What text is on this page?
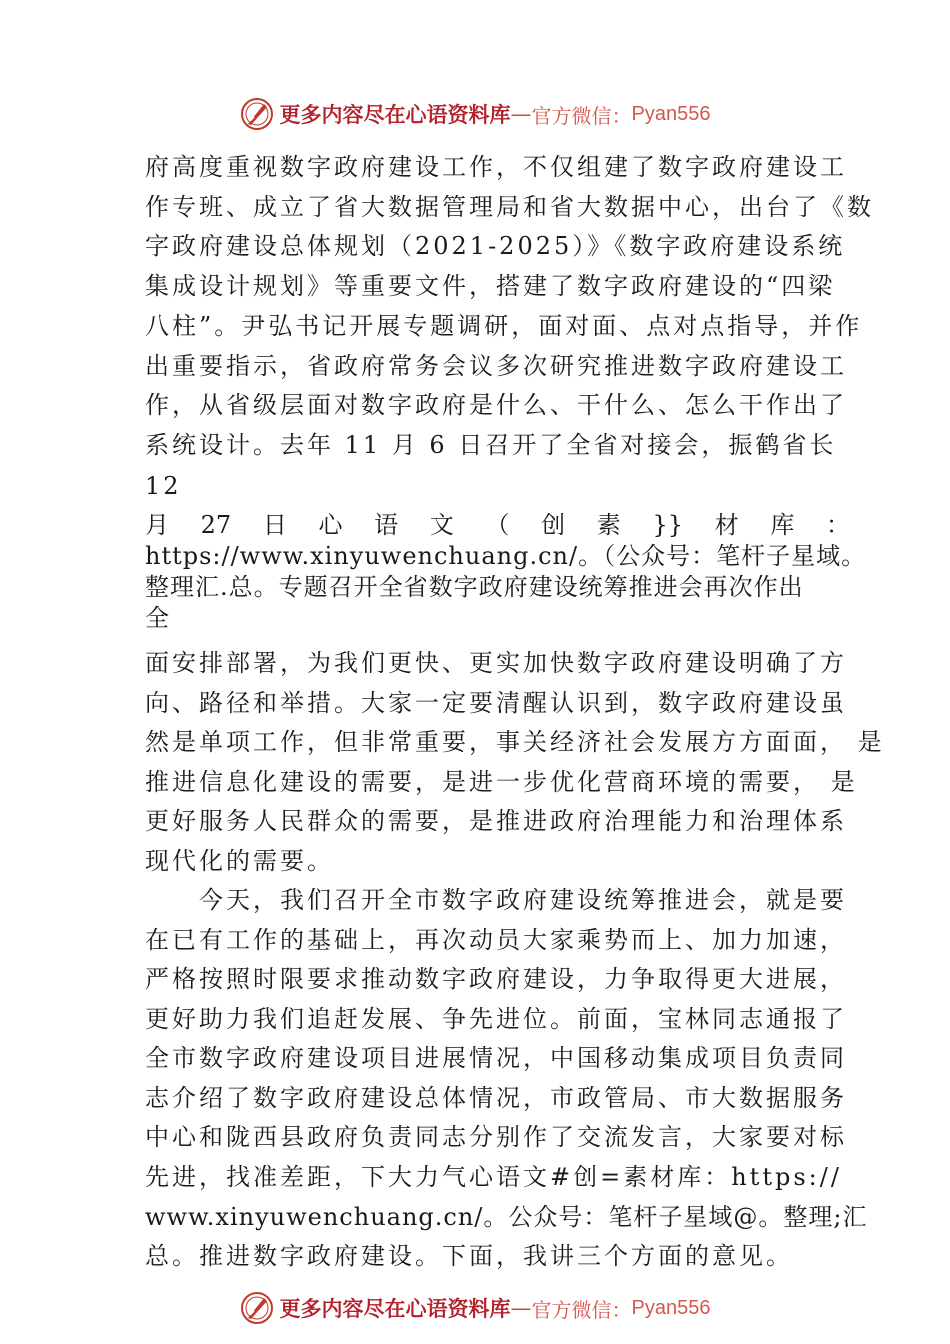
更多内容尽在心语资料库 — 官方微信： Pyan556
府高度重视数字政府建设工作，不仅组建了数字政府建设工
作专班、成立了省大数据管理局和省大数据中心，出台了《数
字政府建设总体规划（2021-2025）》《数字政府建设系统
集成设计规划》等重要文件，搭建了数字政府建设的“四梁
八柱”。尹弘书记开展专题调研，面对面、点对点指导，并作
出重要指示，省政府常务会议多次研究推进数字政府建设工
作，从省级层面对数字政府是什么、干什么、怎么干作出了
系统设计。去年 11 月 6 日召开了全省对接会，振鹤省长
12
月 27 日 心 语 文 （ 创 素 }} 材 库 ：
https://www.xinyuwenchuang.cn/。（公众号：笔杆子星域。
整理汇.总。专题召开全省数字政府建设统筹推进会再次作出
全
面安排部署，为我们更快、更实加快数字政府建设明确了方
向、路径和举措。大家一定要清醒认识到，数字政府建设虽
然是单项工作，但非常重要，事关经济社会发展方方面面， 是
推进信息化建设的需要，是进一步优化营商环境的需要， 是
更好服务人民群众的需要，是推进政府治理能力和治理体系
现代化的需要。
　　今天，我们召开全市数字政府建设统筹推进会，就是要
在已有工作的基础上，再次动员大家乘势而上、加力加速，
严格按照时限要求推动数字政府建设，力争取得更大进展，
更好助力我们追赶发展、争先进位。前面，宝林同志通报了
全市数字政府建设项目进展情况，中国移动集成项目负责同
志介绍了数字政府建设总体情况，市政管局、市大数据服务
中心和陇西县政府负责同志分别作了交流发言，大家要对标
先进，找准差距，下大力气心语文#创=素材库：https://
www.xinyuwenchuang.cn/。公众号：笔杆子星域@。整理;汇
总。推进数字政府建设。下面，我讲三个方面的意见。
更多内容尽在心语资料库 — 官方微信： Pyan556
